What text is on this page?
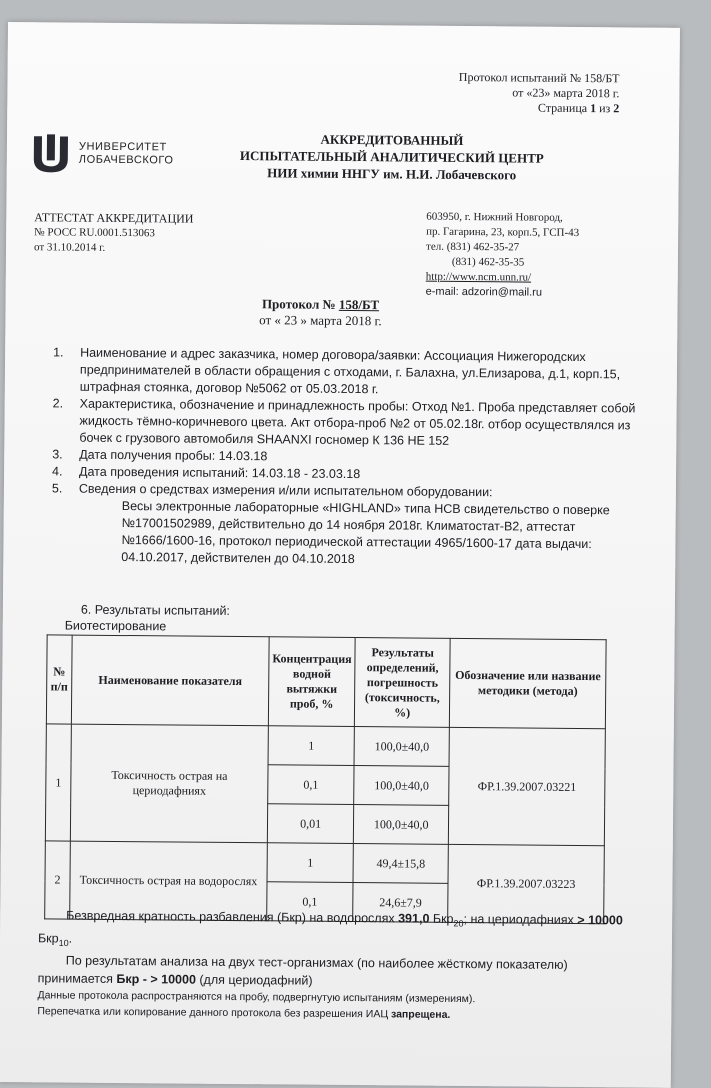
Протокол испытаний № 158/БТ
от «23» марта 2018 г.
Страница 1 из 2
УНИВЕРСИТЕТ
ЛОБАЧЕВСКОГО
АККРЕДИТОВАННЫЙ
ИСПЫТАТЕЛЬНЫЙ АНАЛИТИЧЕСКИЙ ЦЕНТР
НИИ химии ННГУ им. Н.И. Лобачевского
АТТЕСТАТ АККРЕДИТАЦИИ
№ РОСС RU.0001.513063
от 31.10.2014 г.
603950, г. Нижний Новгород,
пр. Гагарина, 23, корп.5, ГСП-43
тел. (831) 462-35-27
(831) 462-35-35
http://www.ncm.unn.ru/
e-mail: adzorin@mail.ru
Протокол № 158/БТ
от « 23 » марта 2018 г.
1.	Наименование и адрес заказчика, номер договора/заявки: Ассоциация Нижегородских предпринимателей в области обращения с отходами, г. Балахна, ул.Елизарова, д.1, корп.15, штрафная стоянка, договор №5062 от 05.03.2018 г.
2.	Характеристика, обозначение и принадлежность пробы: Отход №1. Проба представляет собой жидкость тёмно-коричневого цвета. Акт отбора-проб №2 от 05.02.18г. отбор осуществлялся из бочек с грузового автомобиля SHAANXI госномер К 136 НЕ 152
3.	Дата получения пробы: 14.03.18
4.	Дата проведения испытаний: 14.03.18 - 23.03.18
5.	Сведения о средствах измерения и/или испытательном оборудовании:
Весы электронные лабораторные «HIGHLAND» типа HCB свидетельство о поверке №17001502989, действительно до 14 ноября 2018г. Климатостат-B2, аттестат №1666/1600-16, протокол периодической аттестации 4965/1600-17 дата выдачи: 04.10.2017, действителен до 04.10.2018
6. Результаты испытаний:
Биотестирование
№ п/п	Наименование показателя	Концентрация водной вытяжки проб, %	Результаты определений, погрешность (токсичность, %)	Обозначение или название методики (метода)
1	Токсичность острая на цериодафниях	1	100,0±40,0	ФР.1.39.2007.03221
		0,1	100,0±40,0	
		0,01	100,0±40,0	
2	Токсичность острая на водорослях	1	49,4±15,8	ФР.1.39.2007.03223
		0,1	24,6±7,9	

Безвредная кратность разбавления (Бкр) на водорослях 391,0 Бкр$_{20}$; на цериодафниях > 10000 Бкр$_{10}$.

По результатам анализа на двух тест-организмах (по наиболее жёсткому показателю) принимается Бкр - > 10000 (для цериодафний)

Данные протокола распространяются на пробу, подвергнутую испытаниям (измерениям).

Перепечатка или копирование данного протокола без разрешения ИАЦ запрещена.
